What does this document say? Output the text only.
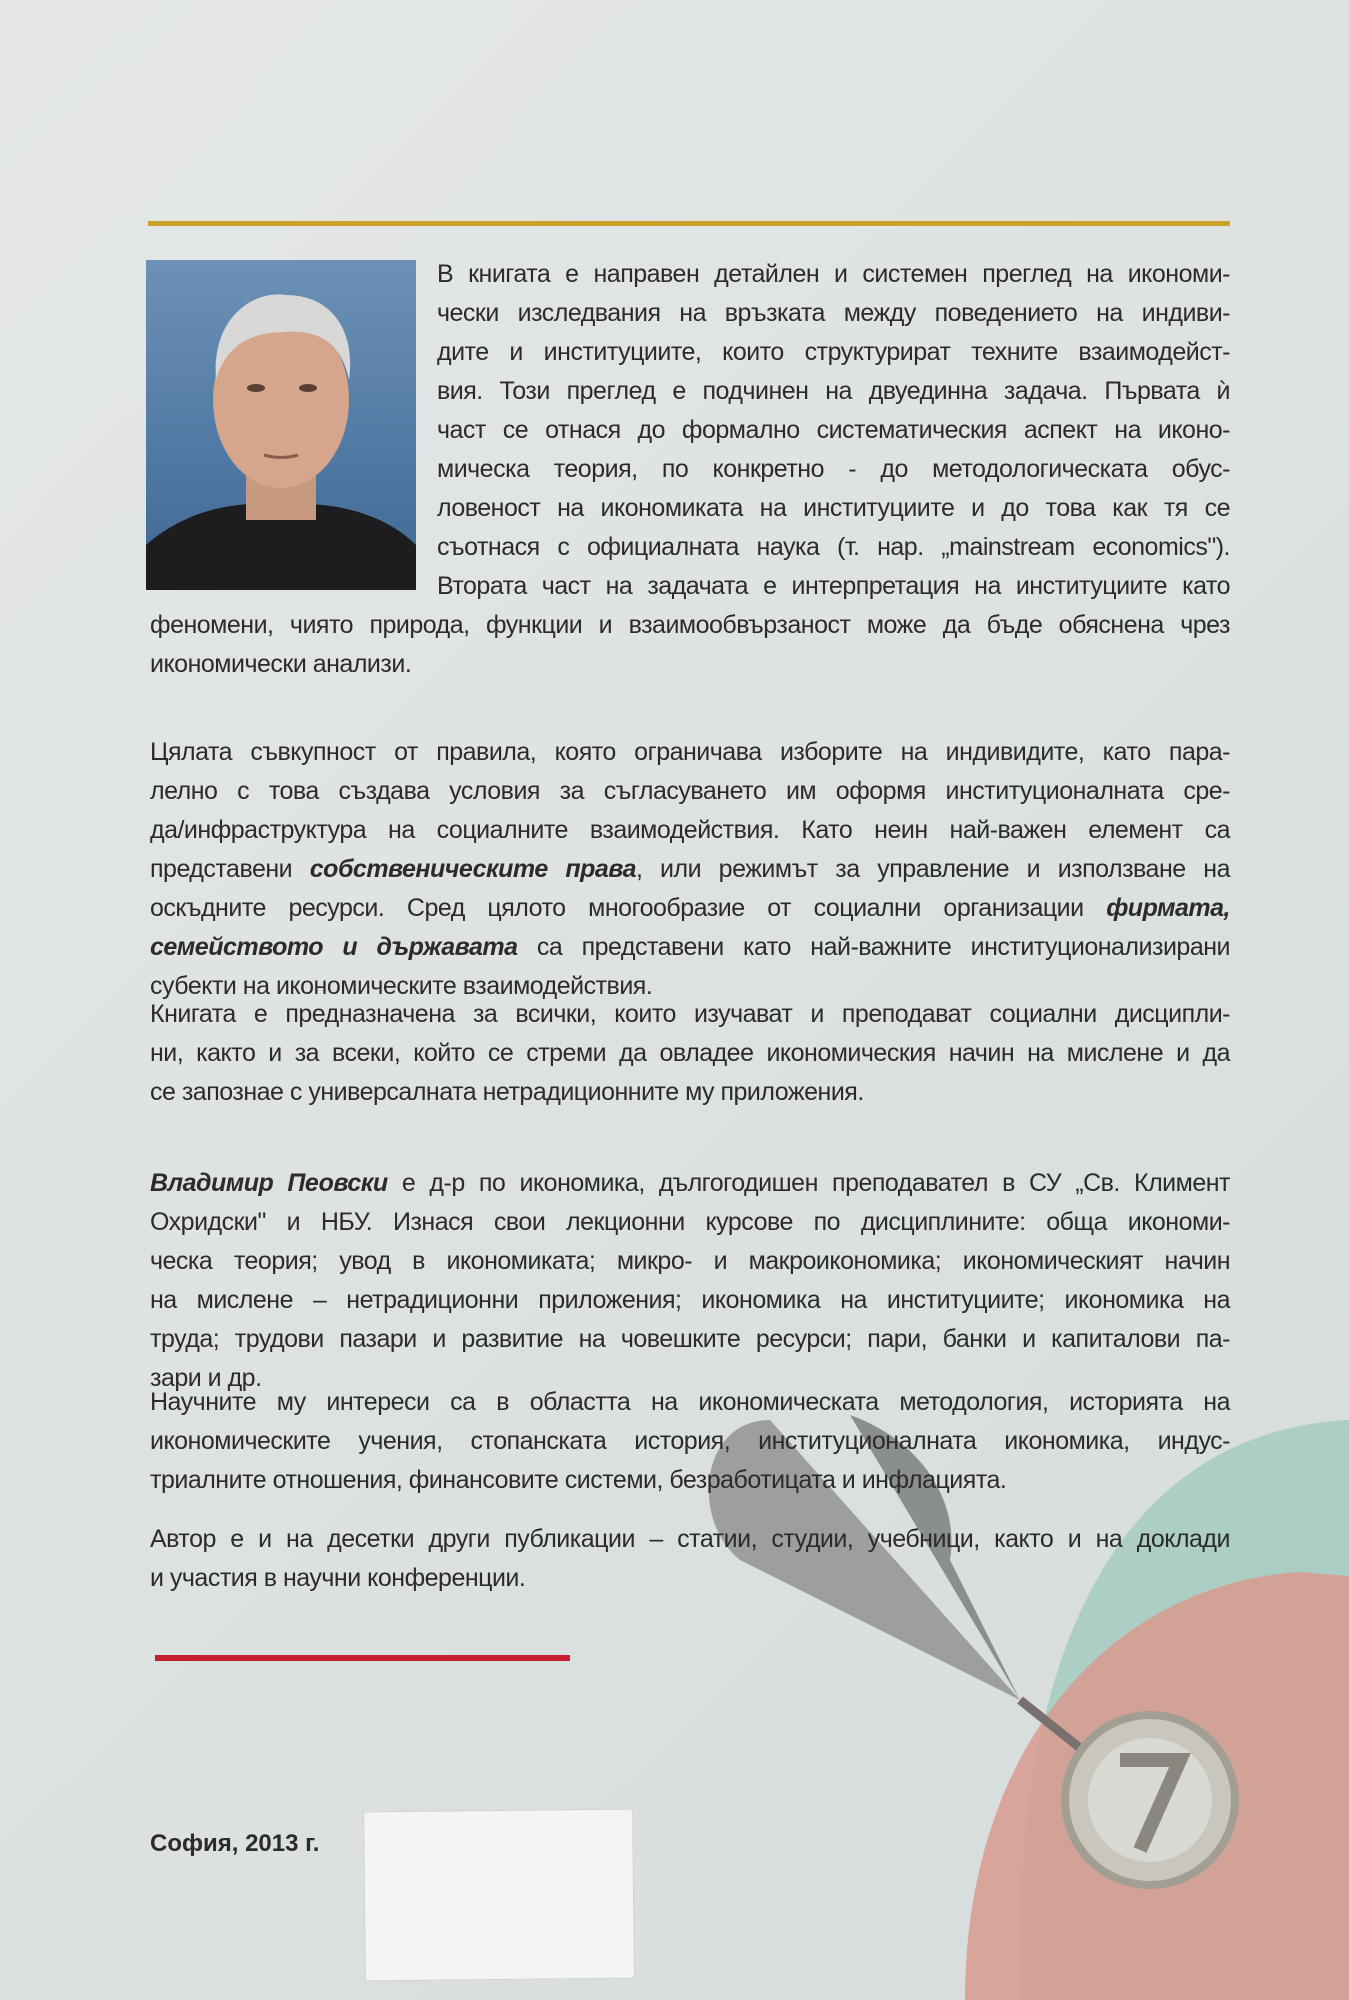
В книгата е направен детайлен и системен преглед на икономи-
чески изследвания на връзката между поведението на индиви-
дите и институциите, които структурират техните взаимодейст-
вия. Този преглед е подчинен на двуединна задача. Първата ѝ
част се отнася до формално систематическия аспект на иконо-
мическа теория, по конкретно - до методологическата обус-
ловеност на икономиката на институциите и до това как тя се
съотнася с официалната наука (т. нар. „mainstream economics").
Втората част на задачата е интерпретация на институциите като
феномени, чиято природа, функции и взаимообвързаност може да бъде обяснена чрез
икономически анализи.
Цялата съвкупност от правила, която ограничава изборите на индивидите, като пара-
лелно с това създава условия за съгласуването им оформя институционалната сре-
да/инфраструктура на социалните взаимодействия. Като неин най-важен елемент са
представени собственическите права, или режимът за управление и използване на
оскъдните ресурси. Сред цялото многообразие от социални организации фирмата,
семейството и държавата са представени като най-важните институционализирани
субекти на икономическите взаимодействия.
Книгата е предназначена за всички, които изучават и преподават социални дисципли-
ни, както и за всеки, който се стреми да овладее икономическия начин на мислене и да
се запознае с универсалната нетрадиционните му приложения.
Владимир Пеовски е д-р по икономика, дългогодишен преподавател в СУ „Св. Климент
Охридски" и НБУ. Изнася свои лекционни курсове по дисциплините: обща икономи-
ческа теория; увод в икономиката; микро- и макроикономика; икономическият начин
на мислене – нетрадиционни приложения; икономика на институциите; икономика на
труда; трудови пазари и развитие на човешките ресурси; пари, банки и капиталови па-
зари и др.
Научните му интереси са в областта на икономическата методология, историята на
икономическите учения, стопанската история, институционалната икономика, индус-
триалните отношения, финансовите системи, безработицата и инфлацията.
Автор е и на десетки други публикации – статии, студии, учебници, както и на доклади
и участия в научни конференции.
София, 2013 г.
